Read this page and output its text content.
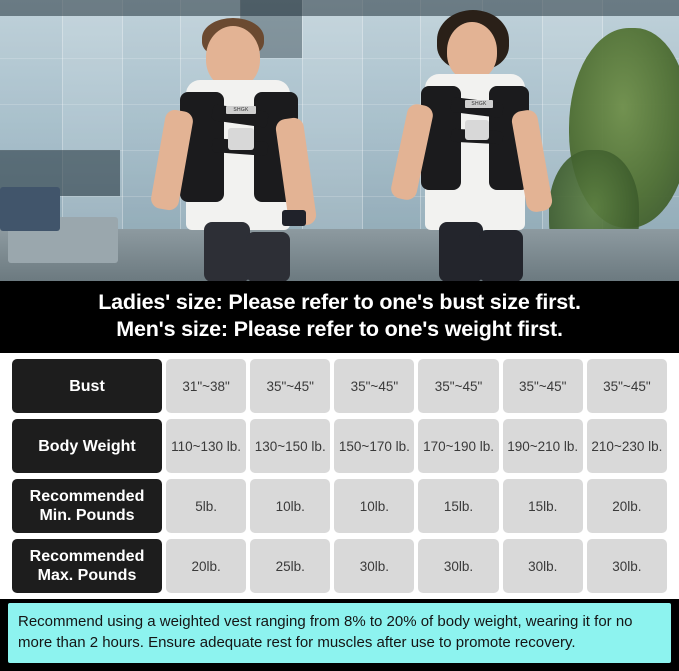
SHGK
SHGK
Ladies' size: Please refer to one's bust size first.
Men's size: Please refer to one's weight first.
Bust	31"~38"	35"~45"	35"~45"	35"~45"	35"~45"	35"~45"
Body Weight	110~130 lb.	130~150 lb.	150~170 lb.	170~190 lb.	190~210 lb.	210~230 lb.

Recommended
Min. Pounds	5lb.	10lb.	10lb.	15lb.	15lb.	20lb.

Recommended
Max. Pounds	20lb.	25lb.	30lb.	30lb.	30lb.	30lb.
Recommend using a weighted vest ranging from 8% to 20% of body weight, wearing it for no more than 2 hours. Ensure adequate rest for muscles after use to promote recovery.
